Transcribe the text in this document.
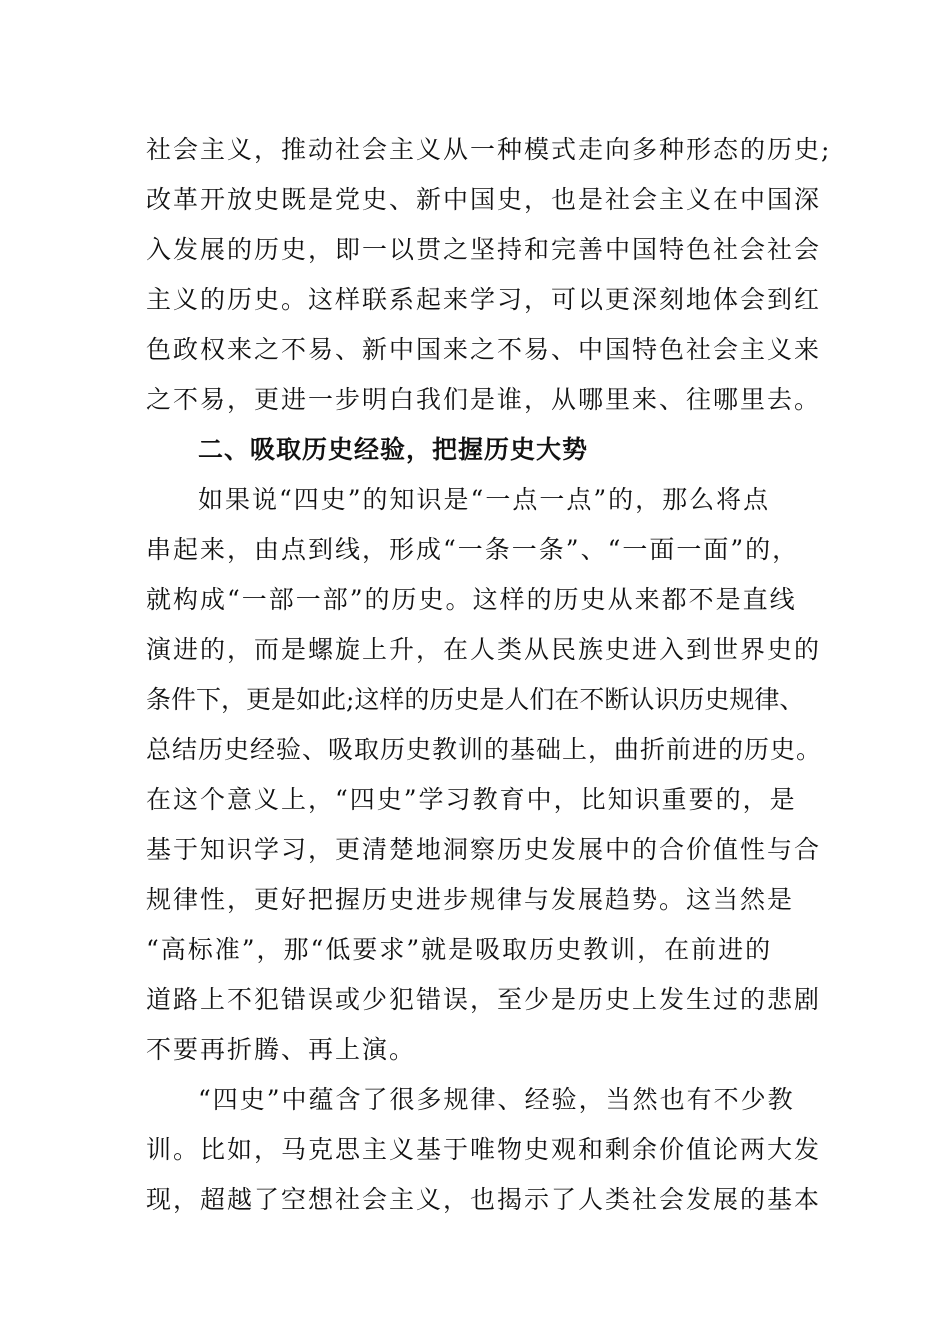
社会主义，推动社会主义从一种模式走向多种形态的历史;
改革开放史既是党史、新中国史，也是社会主义在中国深
入发展的历史，即一以贯之坚持和完善中国特色社会社会
主义的历史。这样联系起来学习，可以更深刻地体会到红
色政权来之不易、新中国来之不易、中国特色社会主义来
之不易，更进一步明白我们是谁，从哪里来、往哪里去。
二、吸取历史经验，把握历史大势
如果说“四史”的知识是“一点一点”的，那么将点
串起来，由点到线，形成“一条一条”、“一面一面”的，
就构成“一部一部”的历史。这样的历史从来都不是直线
演进的，而是螺旋上升，在人类从民族史进入到世界史的
条件下，更是如此;这样的历史是人们在不断认识历史规律、
总结历史经验、吸取历史教训的基础上，曲折前进的历史。
在这个意义上，“四史”学习教育中，比知识重要的，是
基于知识学习，更清楚地洞察历史发展中的合价值性与合
规律性，更好把握历史进步规律与发展趋势。这当然是
“高标准”，那“低要求”就是吸取历史教训，在前进的
道路上不犯错误或少犯错误，至少是历史上发生过的悲剧
不要再折腾、再上演。
“四史”中蕴含了很多规律、经验，当然也有不少教
训。比如，马克思主义基于唯物史观和剩余价值论两大发
现，超越了空想社会主义，也揭示了人类社会发展的基本
